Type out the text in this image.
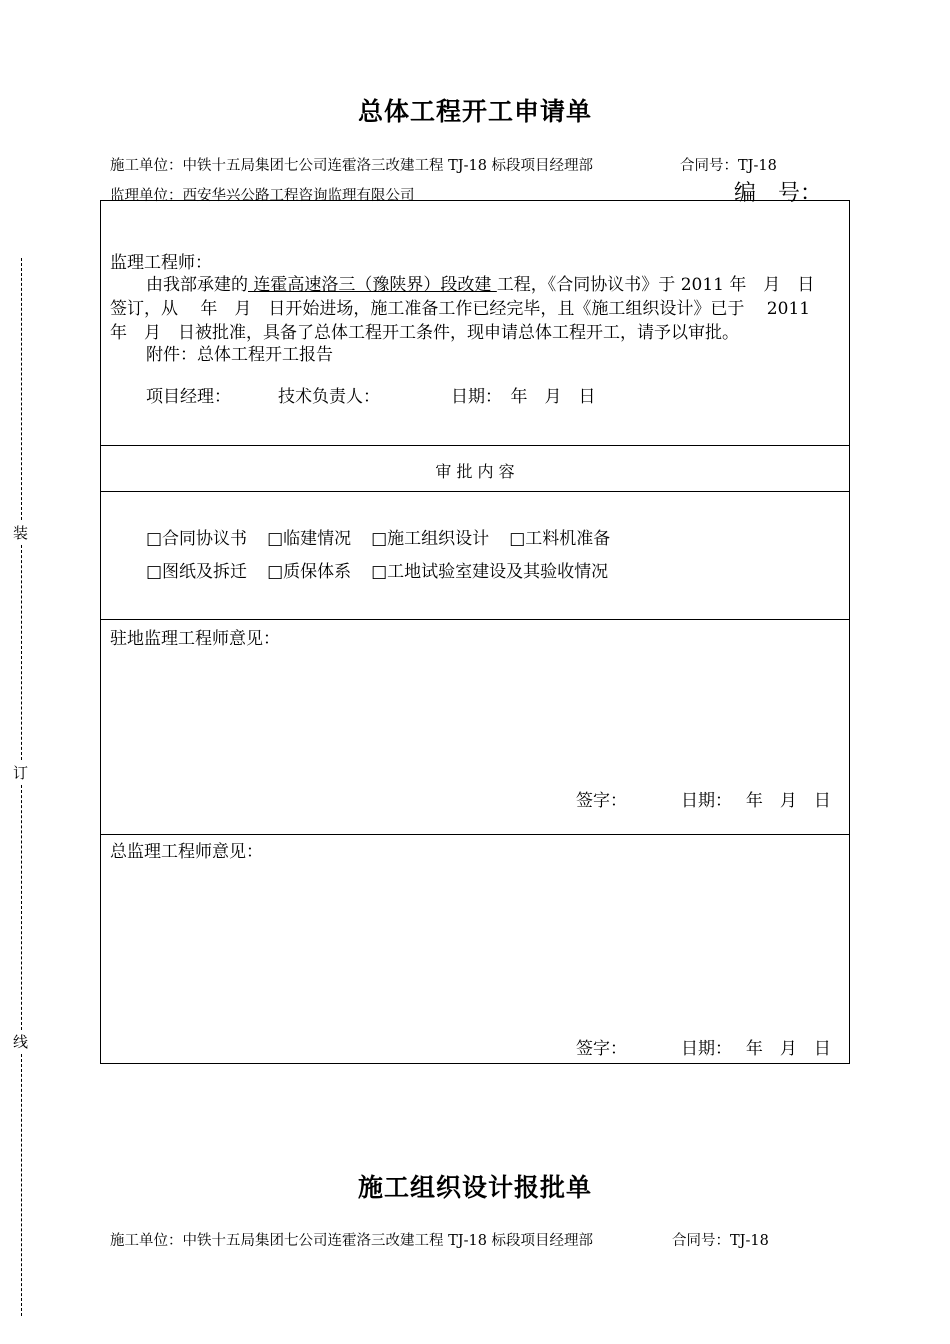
装
订
线
总体工程开工申请单
施工单位：中铁十五局集团七公司连霍洛三改建工程 TJ-18 标段项目经理部	合同号：TJ-18
监理单位：西安华兴公路工程咨询监理有限公司	编　号：
监理工程师：
由我部承建的 连霍高速洛三（豫陕界）段改建 工程，《合同协议书》于 2011 年　月　日
签订，从　 年　月　日开始进场，施工准备工作已经完毕，且《施工组织设计》已于　 2011
年　月　日被批准，具备了总体工程开工条件，现申请总体工程开工，请予以审批。
附件：总体工程开工报告
项目经理：	技术负责人：	日期：　年　月　日
审 批 内 容
□合同协议书 □临建情况 □施工组织设计 □工料机准备
□图纸及拆迁 □质保体系 □工地试验室建设及其验收情况
驻地监理工程师意见：
签字：	日期：　 年　月　日
总监理工程师意见：
签字：	日期：　 年　月　日
施工组织设计报批单
施工单位：中铁十五局集团七公司连霍洛三改建工程 TJ-18 标段项目经理部	合同号：TJ-18
